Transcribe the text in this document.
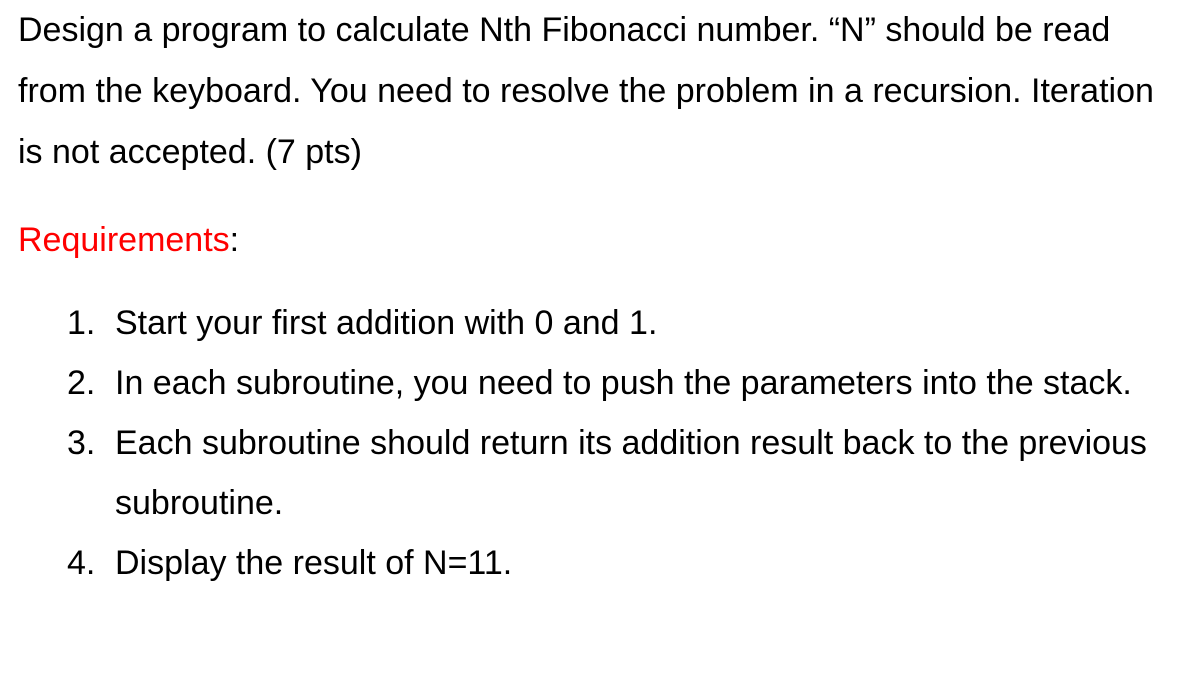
Design a program to calculate Nth Fibonacci number. “N” should be read from the keyboard. You need to resolve the problem in a recursion. Iteration is not accepted. (7 pts)

Requirements:

1. Start your first addition with 0 and 1.
2. In each subroutine, you need to push the parameters into the stack.
3. Each subroutine should return its addition result back to the previous subroutine.
4. Display the result of N=11.
